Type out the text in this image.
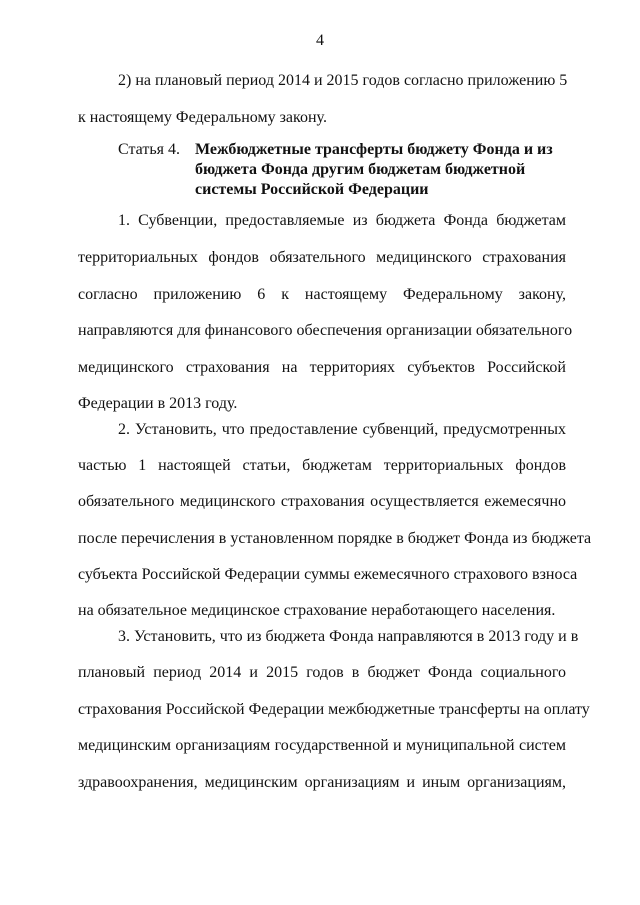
4
2) на плановый период 2014 и 2015 годов согласно приложению 5
к настоящему Федеральному закону.
Статья 4. Межбюджетные трансферты бюджету Фонда и из
бюджета Фонда другим бюджетам бюджетной
системы Российской Федерации
1. Субвенции, предоставляемые из бюджета Фонда бюджетам
территориальных фондов обязательного медицинского страхования
согласно приложению 6 к настоящему Федеральному закону,
направляются для финансового обеспечения организации обязательного
медицинского страхования на территориях субъектов Российской
Федерации в 2013 году.
2. Установить, что предоставление субвенций, предусмотренных
частью 1 настоящей статьи, бюджетам территориальных фондов
обязательного медицинского страхования осуществляется ежемесячно
после перечисления в установленном порядке в бюджет Фонда из бюджета
субъекта Российской Федерации суммы ежемесячного страхового взноса
на обязательное медицинское страхование неработающего населения.
3. Установить, что из бюджета Фонда направляются в 2013 году и в
плановый период 2014 и 2015 годов в бюджет Фонда социального
страхования Российской Федерации межбюджетные трансферты на оплату
медицинским организациям государственной и муниципальной систем
здравоохранения, медицинским организациям и иным организациям,
